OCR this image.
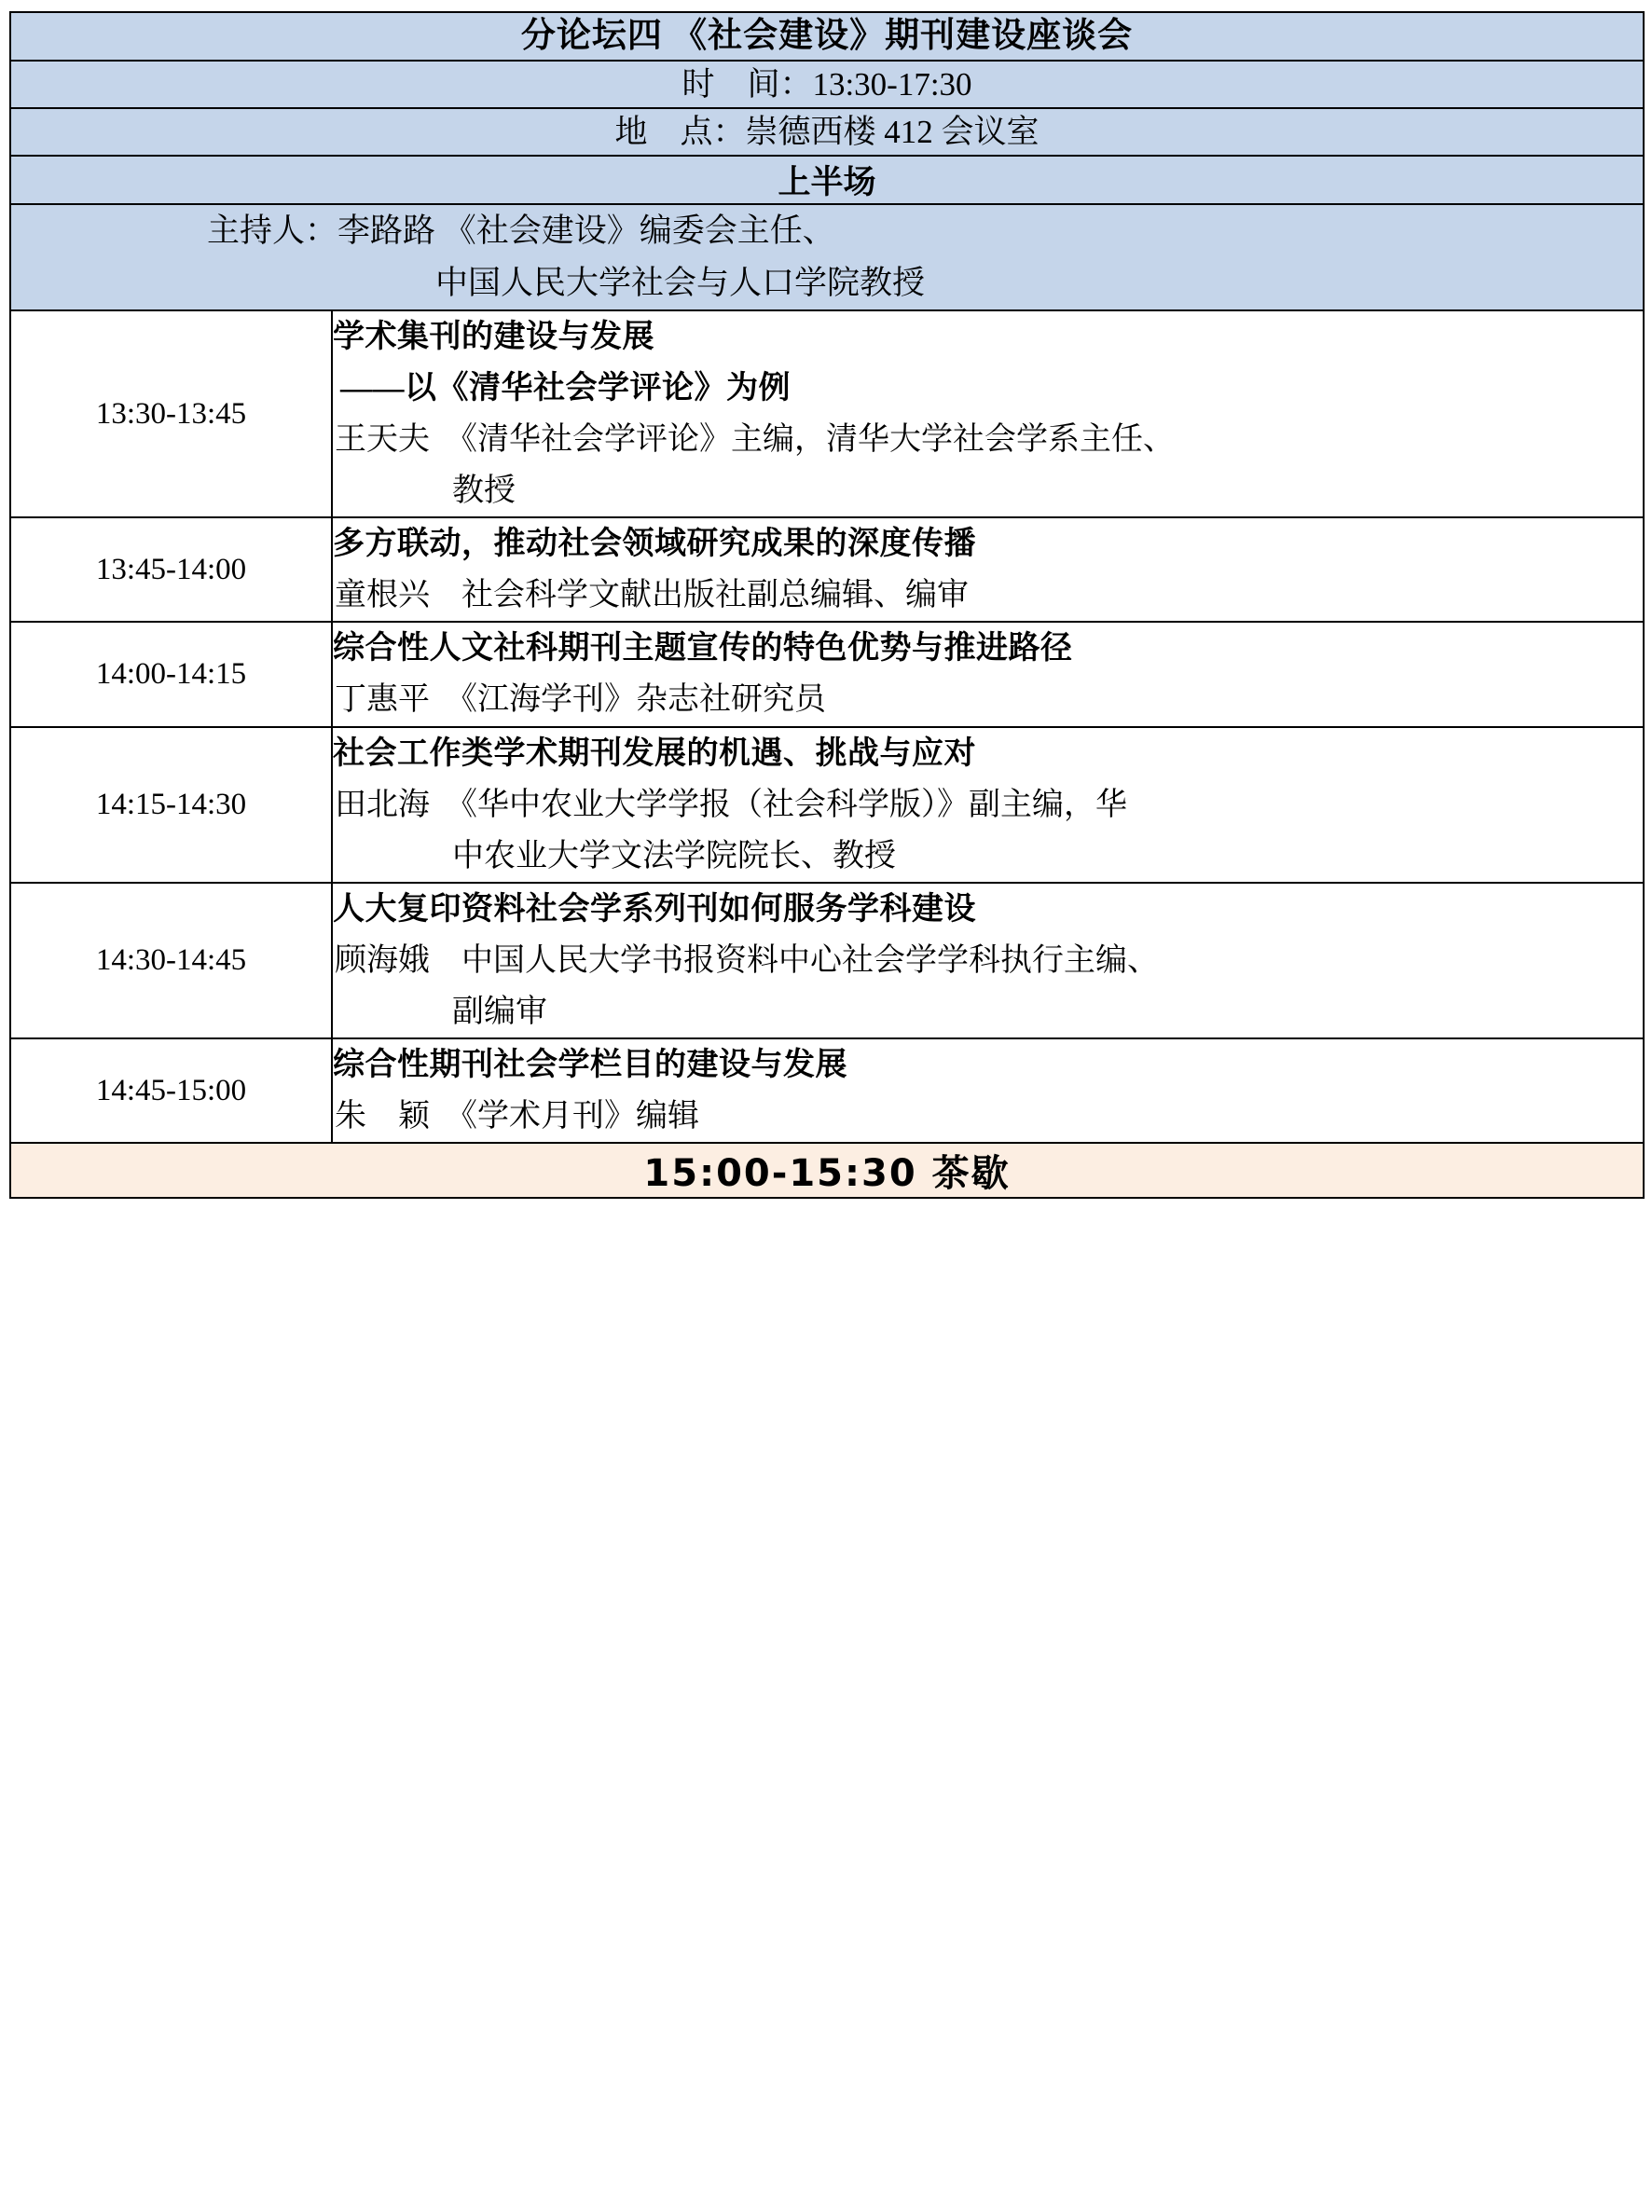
分论坛四 《社会建设》期刊建设座谈会	
时　间：13:30-17:30	
地　点：崇德西楼 412 会议室	
上半场	

主持人：李路路 《社会建设》编委会主任、
中国人民大学社会与人口学院教授	

13:30-13:45	学术集刊的建设与发展
——以《清华社会学评论》为例
王天夫　《清华社会学评论》主编，清华大学社会学系主任、
教授

13:45-14:00	多方联动，推动社会领域研究成果的深度传播
童根兴　社会科学文献出版社副总编辑、编审

14:00-14:15	综合性人文社科期刊主题宣传的特色优势与推进路径
丁惠平　《江海学刊》杂志社研究员

14:15-14:30	社会工作类学术期刊发展的机遇、挑战与应对
田北海　《华中农业大学学报（社会科学版）》副主编，华
中农业大学文法学院院长、教授

14:30-14:45	人大复印资料社会学系列刊如何服务学科建设
顾海娥　中国人民大学书报资料中心社会学学科执行主编、
副编审

14:45-15:00	综合性期刊社会学栏目的建设与发展
朱　颖　《学术月刊》编辑

15:00-15:30 茶歇	
